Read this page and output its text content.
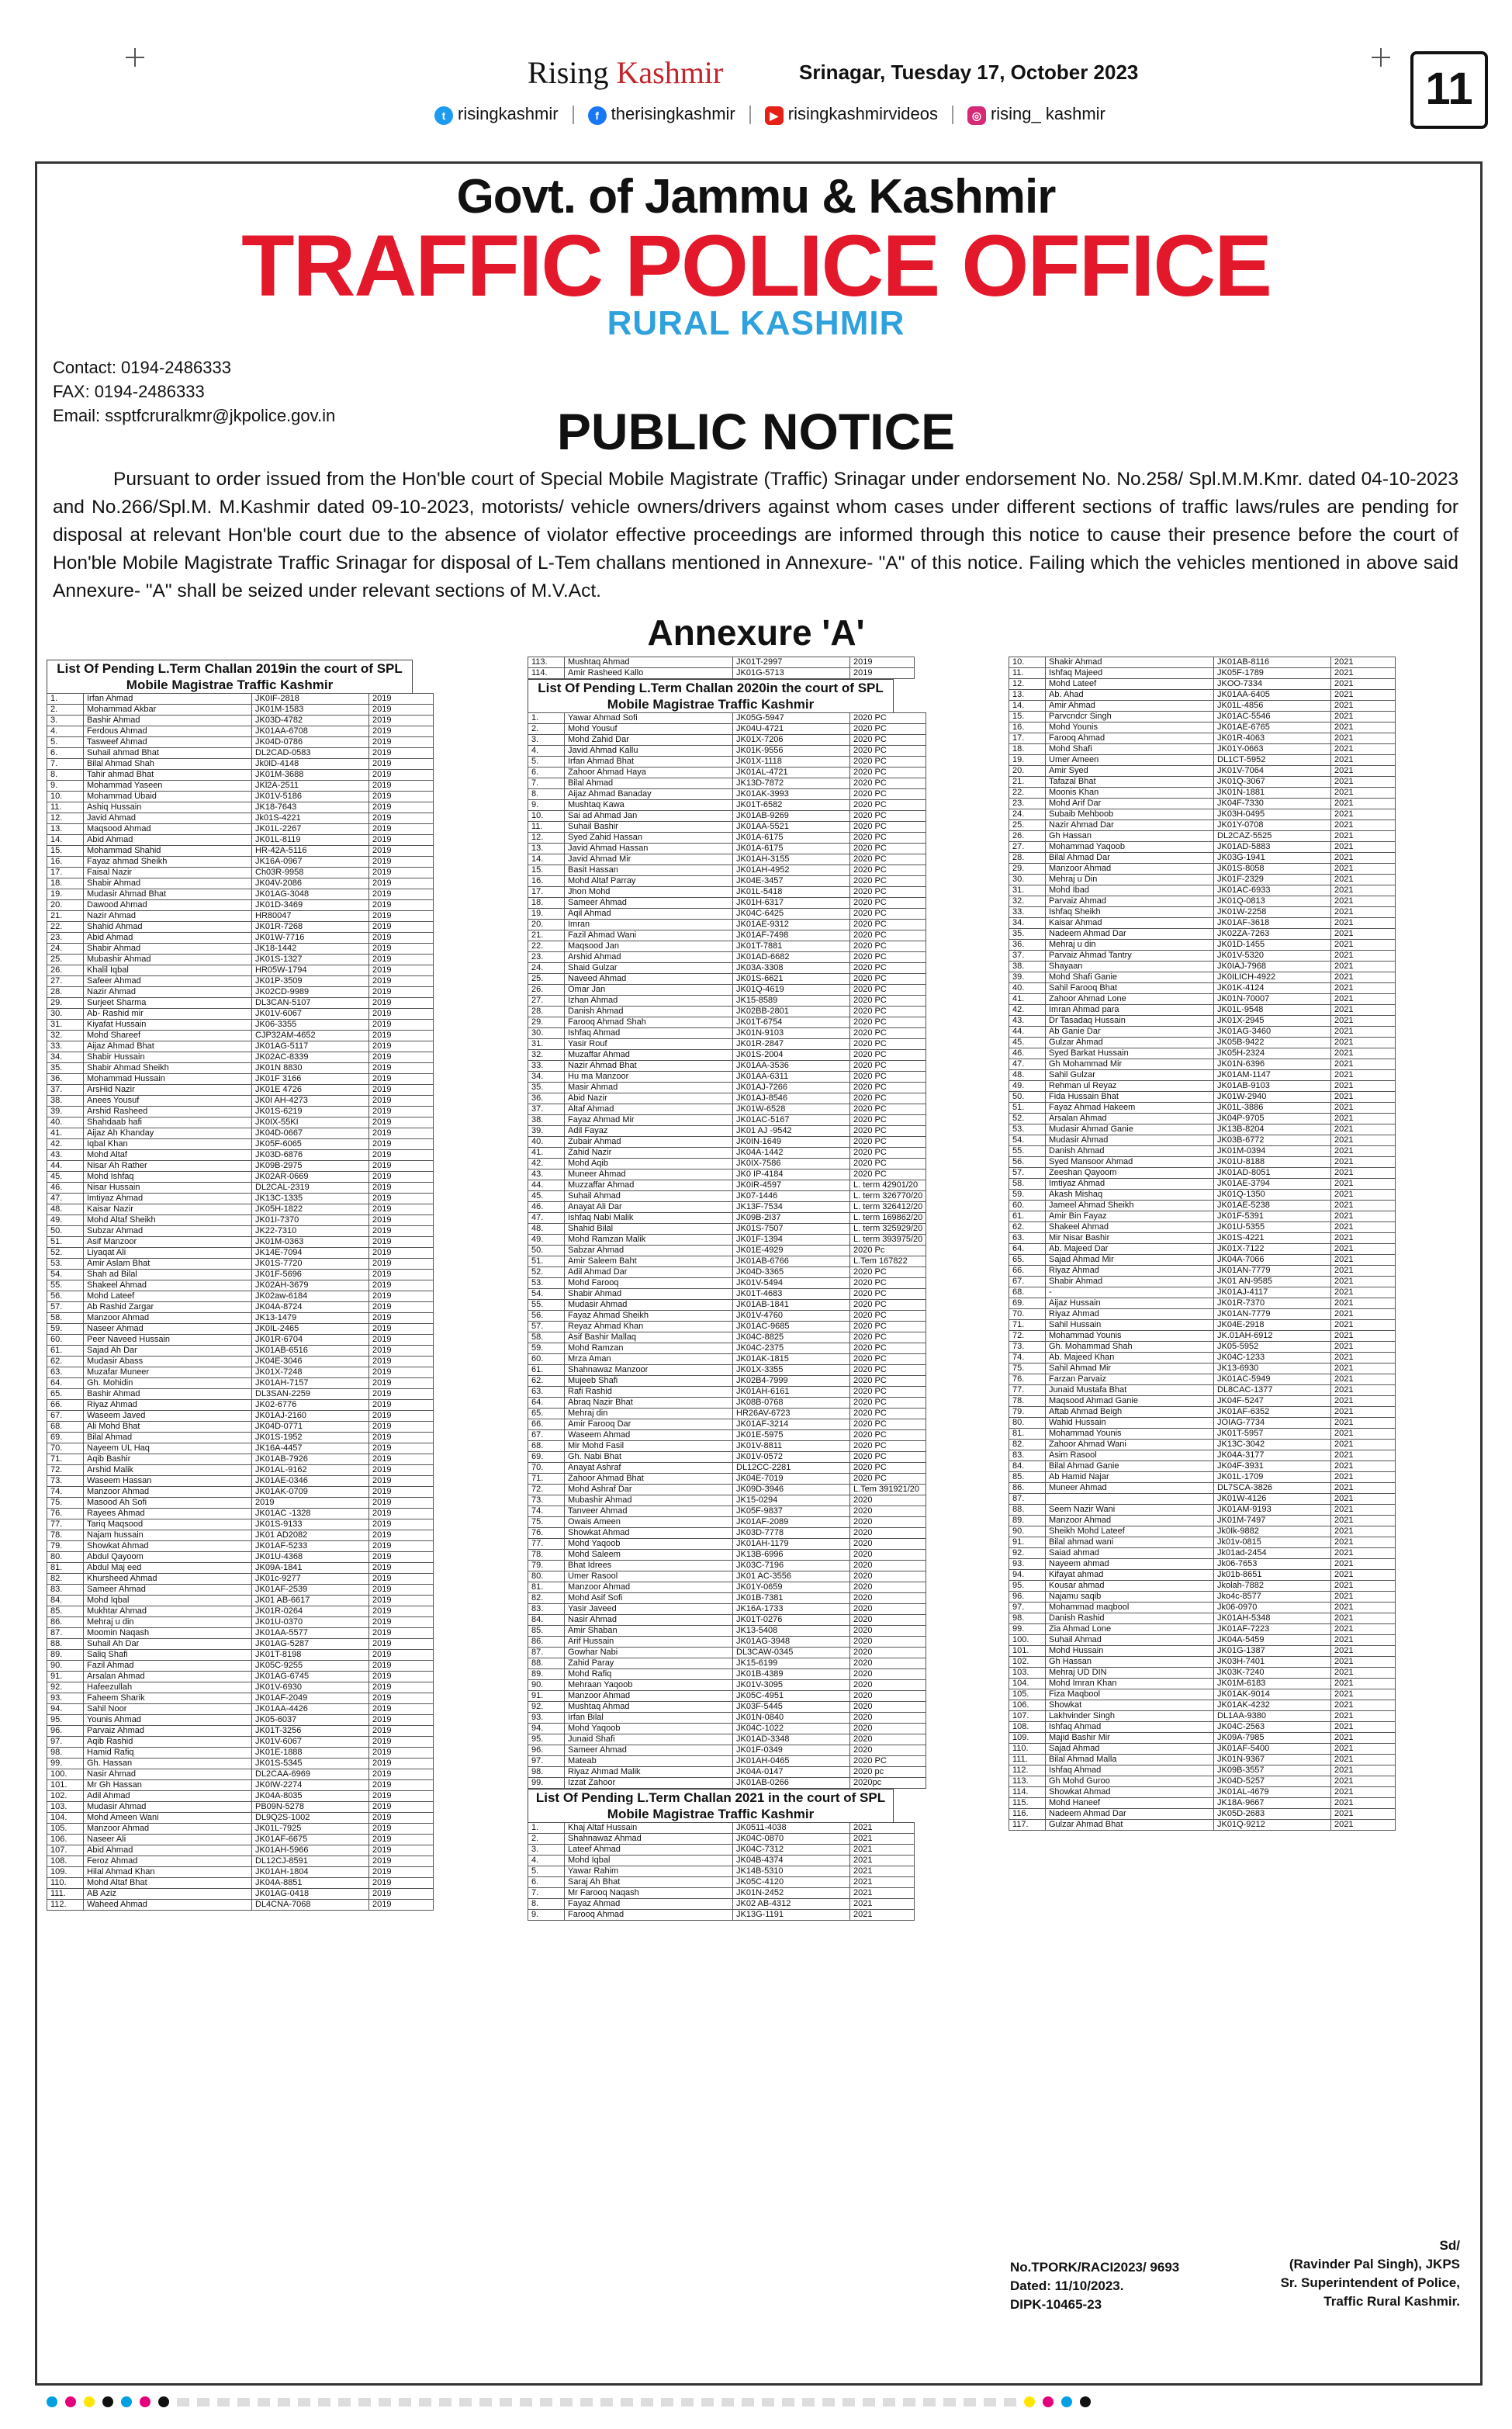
Rising Kashmir	Srinagar, Tuesday 17, October 2023	11
t risingkashmir	f therisingkashmir	▶ risingkashmirvideos	◎ rising_ kashmir
Govt. of Jammu & Kashmir
TRAFFIC POLICE OFFICE
RURAL KASHMIR
Contact: 0194-2486333
FAX: 0194-2486333
Email: ssptfcruralkmr@jkpolice.gov.in	PUBLIC NOTICE
Pursuant to order issued from the Hon'ble court of Special Mobile Magistrate (Traffic) Srinagar under endorsement No. No.258/ Spl.M.M.Kmr. dated 04-10-2023 and No.266/Spl.M. M.Kashmir dated 09-10-2023, motorists/ vehicle owners/drivers against whom cases under different sections of traffic laws/rules are pending for disposal at relevant Hon'ble court due to the absence of violator effective proceedings are informed through this notice to cause their presence before the court of Hon'ble Mobile Magistrate Traffic Srinagar for disposal of L-Tem challans mentioned in Annexure- "A" of this notice. Failing which the vehicles mentioned in above said Annexure- "A" shall be seized under relevant sections of M.V.Act.
Annexure 'A'
List Of Pending L.Term Challan 2019in the court of SPL Mobile Magistrae Traffic Kashmir
1.	Irfan Ahmad	JK0IF-2818	2019
2.	Mohammad Akbar	JK01M-1583	2019
3.	Bashir Ahmad	JK03D-4782	2019
4.	Ferdous Ahmad	JK01AA-6708	2019
5.	Tasweef Ahmad	JK04D-0786	2019
6.	Suhail ahmad Bhat	DL2CAD-0583	2019
7.	Bilal Ahmad Shah	Jk0ID-4148	2019
8.	Tahir ahmad Bhat	JK01M-3688	2019
9.	Mohammad Yaseen	JKl2A-2511	2019
10.	Mohammad Ubaid	JK01V-5186	2019
11.	Ashiq Hussain	JK18-7643	2019
12.	Javid Ahmad	Jk01S-4221	2019
13.	Maqsood Ahmad	JK01L-2267	2019
14.	Abid Ahmad	JK01L-8119	2019
15.	Mohammad Shahid	HR-42A-5116	2019
16.	Fayaz ahmad Sheikh	JK16A-0967	2019
17.	Faisal Nazir	Ch03R-9958	2019
18.	Shabir Ahmad	JK04V-2086	2019
19.	Mudasir Ahmad Bhat	JK01AG-3048	2019
20.	Dawood Ahmad	JK01D-3469	2019
21.	Nazir Ahmad	HR80047	2019
22.	Shahid Ahmad	JK01R-7268	2019
23.	Abid Ahmad	JK01W-7716	2019
24.	Shabir Ahmad	JK18-1442	2019
25.	Mubashir Ahmad	JK01S-1327	2019
26.	Khalil Iqbal	HR05W-1794	2019
27.	Safeer Ahmad	JK01P-3509	2019
28.	Nazir Ahmad	JK02CD-9989	2019
29.	Surjeet Sharma	DL3CAN-5107	2019
30.	Ab- Rashid mir	JK01V-6067	2019
31.	Kiyafat Hussain	JK06-3355	2019
32.	Mohd Shareef	CJP32AM-4652	2019
33.	Aijaz Ahmad Bhat	JK01AG-5117	2019
34.	Shabir Hussain	JK02AC-8339	2019
35.	Shabir Ahmad Sheikh	JK01N 8830	2019
36.	Mohammad Hussain	JK01F 3166	2019
37.	ArsHid Nazir	JK01E 4726	2019
38.	Anees Yousuf	JK0I AH-4273	2019
39.	Arshid Rasheed	JK01S-6219	2019
40.	Shahdaab hafi	JK0IX-55KI	2019
41.	Aijaz Ah Khanday	JK04D-0667	2019
42.	Iqbal Khan	JK05F-6065	2019
43.	Mohd Altaf	JK03D-6876	2019
44.	Nisar Ah Rather	JK09B-2975	2019
45.	Mohd Ishfaq	JK02AR-0669	2019
46.	Nisar Hussain	DL2CAL-2319	2019
47.	Imtiyaz Ahmad	JK13C-1335	2019
48.	Kaisar Nazir	JK05H-1822	2019
49.	Mohd Altaf Sheikh	JK01I-7370	2019
50.	Subzar Ahmad	JK22-7310	2019
51.	Asif Manzoor	JK01M-0363	2019
52.	Liyaqat Ali	JK14E-7094	2019
53.	Amir Aslam Bhat	JK01S-7720	2019
54.	Shah ad Bilal	JK01F-5696	2019
55.	Shakeel Ahmad	JK02AH-3679	2019
56.	Mohd Lateef	JK02aw-6184	2019
57.	Ab Rashid Zargar	JK04A-8724	2019
58.	Manzoor Ahmad	JK13-1479	2019
59.	Naseer Ahmad	JK0IL-2465	2019
60.	Peer Naveed Hussain	JK01R-6704	2019
61.	Sajad Ah Dar	JK01AB-6516	2019
62.	Mudasir Abass	JK04E-3046	2019
63.	Muzafar Muneer	JK01X-7248	2019
64.	Gh. Mohidin	JK01AH-7157	2019
65.	Bashir Ahmad	DL3SAN-2259	2019
66.	Riyaz Ahmad	JK02-6776	2019
67.	Waseem Javed	JK01AJ-2160	2019
68.	Ali Mohd Bhat	JK04D-0771	2019
69.	Bilal Ahmad	JK01S-1952	2019
70.	Nayeem UL Haq	JK16A-4457	2019
71.	Aqib Bashir	JK01AB-7926	2019
72.	Arshid Malik	JK01AL-9162	2019
73.	Waseem Hassan	JK01AE-0346	2019
74.	Manzoor Ahmad	JK01AK-0709	2019
75.	Masood Ah Sofi	2019	2019
76.	Rayees Ahmad	JK01AC -1328	2019
77.	Tariq Maqsood	JK01S-9133	2019
78.	Najam hussain	JK01 AD2082	2019
79.	Showkat Ahmad	JK01AF-5233	2019
80.	Abdul Qayoom	JK01U-4368	2019
81.	Abdul Maj eed	JK09A-1841	2019
82.	Khursheed Ahmad	JK01c-9277	2019
83.	Sameer Ahmad	JK01AF-2539	2019
84.	Mohd Iqbal	JK01 AB-6617	2019
85.	Mukhtar Ahmad	JK01R-0264	2019
86.	Mehraj u din	JK01U-0370	2019
87.	Moomin Naqash	JK01AA-5577	2019
88.	Suhail Ah Dar	JK01AG-5287	2019
89.	Saliq Shafi	JK01T-8198	2019
90.	Fazil Ahmad	JK05C-9255	2019
91.	Arsalan Ahmad	JK01AG-6745	2019
92.	Hafeezullah	JK01V-6930	2019
93.	Faheem Sharik	JK01AF-2049	2019
94.	Sahil Noor	JK01AA-4426	2019
95.	Younis Ahmad	JK05-6037	2019
96.	Parvaiz Ahmad	JK01T-3256	2019
97.	Aqib Rashid	JK01V-6067	2019
98.	Hamid Rafiq	JK01E-1888	2019
99.	Gh. Hassan	JK01S-5345	2019
100.	Nasir Ahmad	DL2CAA-6969	2019
101.	Mr Gh Hassan	JK0IW-2274	2019
102.	Adil Ahmad	JK04A-8035	2019
103.	Mudasir Ahmad	PB09N-5278	2019
104.	Mohd Ameen Wani	DL9Q2S-1002	2019
105.	Manzoor Ahmad	JK01L-7925	2019
106.	Naseer Ali	JK01AF-6675	2019
107.	Abid Ahmad	JK01AH-5966	2019
108.	Feroz Ahmad	DL12CJ-8591	2019
109.	Hilal Ahmad Khan	JK01AH-1804	2019
110.	Mohd Altaf Bhat	JK04A-8851	2019
111.	AB Aziz	JK01AG-0418	2019
112.	Waheed Ahmad	DL4CNA-7068	2019
113.	Mushtaq Ahmad	JK01T-2997	2019
114.	Amir Rasheed Kallo	JK01G-5713	2019
List Of Pending L.Term Challan 2020in the court of SPL Mobile Magistrae Traffic Kashmir
1.	Yawar Ahmad Sofi	JK05G-5947	2020 PC
2.	Mohd Yousuf	JK04U-4721	2020 PC
3.	Mohd Zahid Dar	JK01X-7206	2020 PC
4.	Javid Ahmad Kallu	JK01K-9556	2020 PC
5.	Irfan Ahmad Bhat	JK01X-1118	2020 PC
6.	Zahoor Ahmad Haya	JK01AL-4721	2020 PC
7.	Bilal Ahmad	JK13D-7872	2020 PC
8.	Aijaz Ahmad Banaday	JK01AK-3993	2020 PC
9.	Mushtaq Kawa	JK01T-6582	2020 PC
10.	Sai ad Ahmad Jan	JK01AB-9269	2020 PC
11.	Suhail Bashir	JK01AA-5521	2020 PC
12.	Syed Zahid Hassan	JK01A-6175	2020 PC
13.	Javid Ahmad Hassan	JK01A-6175	2020 PC
14.	Javid Ahmad Mir	JK01AH-3155	2020 PC
15.	Basit Hassan	JK01AH-4952	2020 PC
16.	Mohd Altaf Parray	JK04E-3457	2020 PC
17.	Jhon Mohd	JK01L-5418	2020 PC
18.	Sameer Ahmad	JK01H-6317	2020 PC
19.	Aqil Ahmad	JK04C-6425	2020 PC
20.	Imran	JK01AE-9312	2020 PC
21.	Fazil Ahmad Wani	JK01AF-7498	2020 PC
22.	Maqsood Jan	JK01T-7881	2020 PC
23.	Arshid Ahmad	JK01AD-6682	2020 PC
24.	Shaid Gulzar	JK03A-3308	2020 PC
25.	Naveed Ahmad	JK01S-6621	2020 PC
26.	Omar Jan	JK01Q-4619	2020 PC
27.	Izhan Ahmad	JK15-8589	2020 PC
28.	Danish Ahmad	JK02BB-2801	2020 PC
29.	Farooq Ahmad Shah	JK01T-6754	2020 PC
30.	Ishfaq Ahmad	JK01N-9103	2020 PC
31.	Yasir Rouf	JK01R-2847	2020 PC
32.	Muzaffar Ahmad	JK01S-2004	2020 PC
33.	Nazir Ahmad Bhat	JK01AA-3536	2020 PC
34.	Hu ma Manzoor	JK01AA-6311	2020 PC
35.	Masir Ahmad	JK01AJ-7266	2020 PC
36.	Abid Nazir	JK01AJ-8546	2020 PC
37.	Altaf Ahmad	JK01W-6528	2020 PC
38.	Fayaz Ahmad Mir	JK01AC-5167	2020 PC
39.	Adil Fayaz	JK01 AJ -9542	2020 PC
40.	Zubair Ahmad	JK0IN-1649	2020 PC
41.	Zahid Nazir	JK04A-1442	2020 PC
42.	Mohd Aqib	JK0IX-7586	2020 PC
43.	Muneer Ahmad	JK0 IP-4184	2020 PC
44.	Muzzaffar Ahmad	JK0IR-4597	L. term 42901/20
45.	Suhail Ahmad	JK07-1446	L. term 326770/20
46.	Anayat Ali Dar	JK13F-7534	L. term 326412/20
47.	Ishfaq Nabi Malik	JK09B-2I37	L. term 169862/20
48.	Shahid Bilal	JK01S-7507	L. term 325929/20
49.	Mohd Ramzan Malik	JK01F-1394	L. term 393975/20
50.	Sabzar Ahmad	JK01E-4929	2020 Pc
51.	Amir Saleem Baht	JK01AB-6766	L.Tem 167822
52.	Adil Ahmad Dar	JK04D-3365	2020 PC
53.	Mohd Farooq	JK01V-5494	2020 PC
54.	Shabir Ahmad	JK01T-4683	2020 PC
55.	Mudasir Ahmad	JK01AB-1841	2020 PC
56.	Fayaz Ahmad Sheikh	JK01V-4760	2020 PC
57.	Reyaz Ahmad Khan	JK01AC-9685	2020 PC
58.	Asif Bashir Mallaq	JK04C-8825	2020 PC
59.	Mohd Ramzan	JK04C-2375	2020 PC
60.	Mrza Aman	JK01AK-1815	2020 PC
61.	Shahnawaz Manzoor	JK01X-3355	2020 PC
62.	Mujeeb Shafi	JK02B4-7999	2020 PC
63.	Rafi Rashid	JK01AH-6161	2020 PC
64.	Abraq Nazir Bhat	JK08B-0768	2020 PC
65.	Mehraj din	HR26AV-6723	2020 PC
66.	Amir Farooq Dar	JK01AF-3214	2020 PC
67.	Waseem Ahmad	JK01E-5975	2020 PC
68.	Mir Mohd Fasil	JK01V-8811	2020 PC
69.	Gh. Nabi Bhat	JK01V-0572	2020 PC
70.	Anayat Ashraf	DL12CC-2281	2020 PC
71.	Zahoor Ahmad Bhat	JK04E-7019	2020 PC
72.	Mohd Ashraf Dar	JK09D-3946	L.Tem 391921/20
73.	Mubashir Ahmad	JK15-0294	2020
74.	Tanveer Ahmad	JK05F-9837	2020
75.	Owais Ameen	JK01AF-2089	2020
76.	Showkat Ahmad	JK03D-7778	2020
77.	Mohd Yaqoob	JK01AH-1179	2020
78.	Mohd Saleem	JK13B-6996	2020
79.	Bhat Idrees	JK03C-7196	2020
80.	Umer Rasool	JK01 AC-3556	2020
81.	Manzoor Ahmad	JK01Y-0659	2020
82.	Mohd Asif Sofi	JK01B-7381	2020
83.	Yasir Javeed	JK16A-1733	2020
84.	Nasir Ahmad	JK01T-0276	2020
85.	Amir Shaban	JK13-5408	2020
86.	Arif Hussain	JK01AG-3948	2020
87.	Gowhar Nabi	DL3CAW-0345	2020
88.	Zahid Paray	JK15-6199	2020
89.	Mohd Rafiq	JK01B-4389	2020
90.	Mehraan Yaqoob	JK01V-3095	2020
91.	Manzoor Ahmad	JK05C-4951	2020
92.	Mushtaq Ahmad	JK03F-5445	2020
93.	Irfan Bilal	JK01N-0840	2020
94.	Mohd Yaqoob	JK04C-1022	2020
95.	Junaid Shafi	JK01AD-3348	2020
96.	Sameer Ahmad	JK01F-0349	2020
97.	Mateab	JK01AH-0465	2020 PC
98.	Riyaz Ahmad Malik	JK04A-0147	2020 pc
99.	Izzat Zahoor	JK01AB-0266	2020pc
List Of Pending L.Term Challan 2021 in the court of SPL Mobile Magistrae Traffic Kashmir
1.	Khaj Altaf Hussain	JK0511-4038	2021
2.	Shahnawaz Ahmad	JK04C-0870	2021
3.	Lateef Ahmad	JK04C-7312	2021
4.	Mohd Iqbal	JK04B-4374	2021
5.	Yawar Rahim	JK14B-5310	2021
6.	Saraj Ah Bhat	JK05C-4120	2021
7.	Mr Farooq Naqash	JK01N-2452	2021
8.	Fayaz Ahmad	JK02 AB-4312	2021
9.	Farooq Ahmad	JK13G-1191	2021
10.	Shakir Ahmad	JK01AB-8116	2021
11.	Ishfaq Majeed	JK05F-1789	2021
12.	Mohd Lateef	JKOO-7334	2021
13.	Ab. Ahad	JK01AA-6405	2021
14.	Amir Ahmad	JK01L-4856	2021
15.	Parvcndcr Singh	JK01AC-5546	2021
16.	Mohd Younis	JK01AE-6765	2021
17.	Farooq Ahmad	JK01R-4063	2021
18.	Mohd Shafi	JK01Y-0663	2021
19.	Umer Ameen	DL1CT-5952	2021
20.	Amir Syed	JK01V-7064	2021
21.	Tafazal Bhat	JK01Q-3067	2021
22.	Moonis Khan	JK01N-1881	2021
23.	Mohd Arif Dar	JK04F-7330	2021
24.	Subaib Mehboob	JK03H-0495	2021
25.	Nazir Ahmad Dar	JK01Y-0708	2021
26.	Gh Hassan	DL2CAZ-5525	2021
27.	Mohammad Yaqoob	JK01AD-5883	2021
28.	Bilal Ahmad Dar	JK03G-1941	2021
29.	Manzoor Ahmad	JK01S-8058	2021
30.	Mehraj u Din	JK01F-2329	2021
31.	Mohd Ibad	JK01AC-6933	2021
32.	Parvaiz Ahmad	JK01Q-0813	2021
33.	Ishfaq Sheikh	JK01W-2258	2021
34.	Kaisar Ahmad	JK01AF-3618	2021
35.	Nadeem Ahmad Dar	JK02ZA-7263	2021
36.	Mehraj u din	JK01D-1455	2021
37.	Parvaiz Ahmad Tantry	JK01V-5320	2021
38.	Shayaan	JK0IAJ-7968	2021
39.	Mohd Shafi Ganie	JK0ILICH-4922	2021
40.	Sahil Farooq Bhat	JK01K-4124	2021
41.	Zahoor Ahmad Lone	JK01N-70007	2021
42.	Imran Ahmad para	JK01L-9548	2021
43.	Dr Tasadaq Hussain	JK01X-2945	2021
44.	Ab Ganie Dar	JK01AG-3460	2021
45.	Gulzar Ahmad	JK05B-9422	2021
46.	Syed Barkat Hussain	JK05H-2324	2021
47.	Gh Mohammad Mir	JK01N-6396	2021
48.	Sahil Gulzar	JK01AM-1147	2021
49.	Rehman ul Reyaz	JK01AB-9103	2021
50.	Fida Hussain Bhat	JK01W-2940	2021
51.	Fayaz Ahmad Hakeem	JK01L-3886	2021
52.	Arsalan Ahmad	JK04P-9705	2021
53.	Mudasir Ahmad Ganie	JK13B-8204	2021
54.	Mudasir Ahmad	JK03B-6772	2021
55.	Danish Ahmad	JK01M-0394	2021
56.	Syed Mansoor Ahmad	JK01U-8188	2021
57.	Zeeshan Qayoom	JK01AD-8051	2021
58.	Imtiyaz Ahmad	JK01AE-3794	2021
59.	Akash Mishaq	JK01Q-1350	2021
60.	Jameel Ahmad Sheikh	JK01AE-5238	2021
61.	Amir Bin Fayaz	JK01F-5391	2021
62.	Shakeel Ahmad	JK01U-5355	2021
63.	Mir Nisar Bashir	JK01S-4221	2021
64.	Ab. Majeed Dar	JK01X-7122	2021
65.	Sajad Ahmad Mir	JK04A-7066	2021
66.	Riyaz Ahmad	JK01AN-7779	2021
67.	Shabir Ahmad	JK01 AN-9585	2021
68.	-	JK01AJ-4117	2021
69.	Aijaz Hussain	JK01R-7370	2021
70.	Riyaz Ahmad	JK01AN-7779	2021
71.	Sahil Hussain	JK04E-2918	2021
72.	Mohammad Younis	JK.01AH-6912	2021
73.	Gh. Mohammad Shah	JK05-5952	2021
74.	Ab. Majeed Khan	JK04C-1233	2021
75.	Sahil Ahmad Mir	JK13-6930	2021
76.	Farzan Parvaiz	JK01AC-5949	2021
77.	Junaid Mustafa Bhat	DL8CAC-1377	2021
78.	Maqsood Ahmad Ganie	JK04F-5247	2021
79.	Aftab Ahmad Beigh	JK01AF-6352	2021
80.	Wahid Hussain	JOIAG-7734	2021
81.	Mohammad Younis	JK01T-5957	2021
82.	Zahoor Ahmad Wani	JK13C-3042	2021
83.	Asim Rasool	JK04A-3177	2021
84.	Bilal Ahmad Ganie	JK04F-3931	2021
85.	Ab Hamid Najar	JK01L-1709	2021
86.	Muneer Ahmad	DL7SCA-3826	2021
87.		JK01W-4126	2021
88.	Seem Nazir Wani	JK01AM-9193	2021
89.	Manzoor Ahmad	JK01M-7497	2021
90.	Sheikh Mohd Lateef	Jk0Ik-9882	2021
91.	Bilal ahmad wani	Jk01v-0815	2021
92.	Saiad ahmad	Jk01ad-2454	2021
93.	Nayeem ahmad	Jk06-7653	2021
94.	Kifayat ahmad	Jk01b-8651	2021
95.	Kousar ahmad	Jkolah-7882	2021
96.	Najamu saqib	Jko4c-8577	2021
97.	Mohammad maqbool	Jk06-0970	2021
98.	Danish Rashid	JK01AH-5348	2021
99.	Zia Ahmad Lone	JK01AF-7223	2021
100.	Suhail Ahmad	JK04A-5459	2021
101.	Mohd Hussain	JK01G-1387	2021
102.	Gh Hassan	JK03H-7401	2021
103.	Mehraj UD DIN	JK03K-7240	2021
104.	Mohd Imran Khan	JK01M-6183	2021
105.	Fiza Maqbool	JK01AK-9014	2021
106.	Showkat	JK01AK-4232	2021
107.	Lakhvinder Singh	DL1AA-9380	2021
108.	Ishfaq Ahmad	JK04C-2563	2021
109.	Majid Bashir Mir	JK09A-7985	2021
110.	Sajad Ahmad	JK01AF-5400	2021
111.	Bilal Ahmad Malla	JK01N-9367	2021
112.	Ishfaq Ahmad	JK09B-3557	2021
113.	Gh Mohd Guroo	JK04D-5257	2021
114.	Showkat Ahmad	JK01AL-4679	2021
115.	Mohd Haneef	JK18A-9667	2021
116.	Nadeem Ahmad Dar	JK05D-2683	2021
117.	Gulzar Ahmad Bhat	JK01Q-9212	2021
No.TPORK/RACI2023/ 9693
Dated: 11/10/2023.
DIPK-10465-23
Sd/
(Ravinder Pal Singh), JKPS
Sr. Superintendent of Police,
Traffic Rural Kashmir.
